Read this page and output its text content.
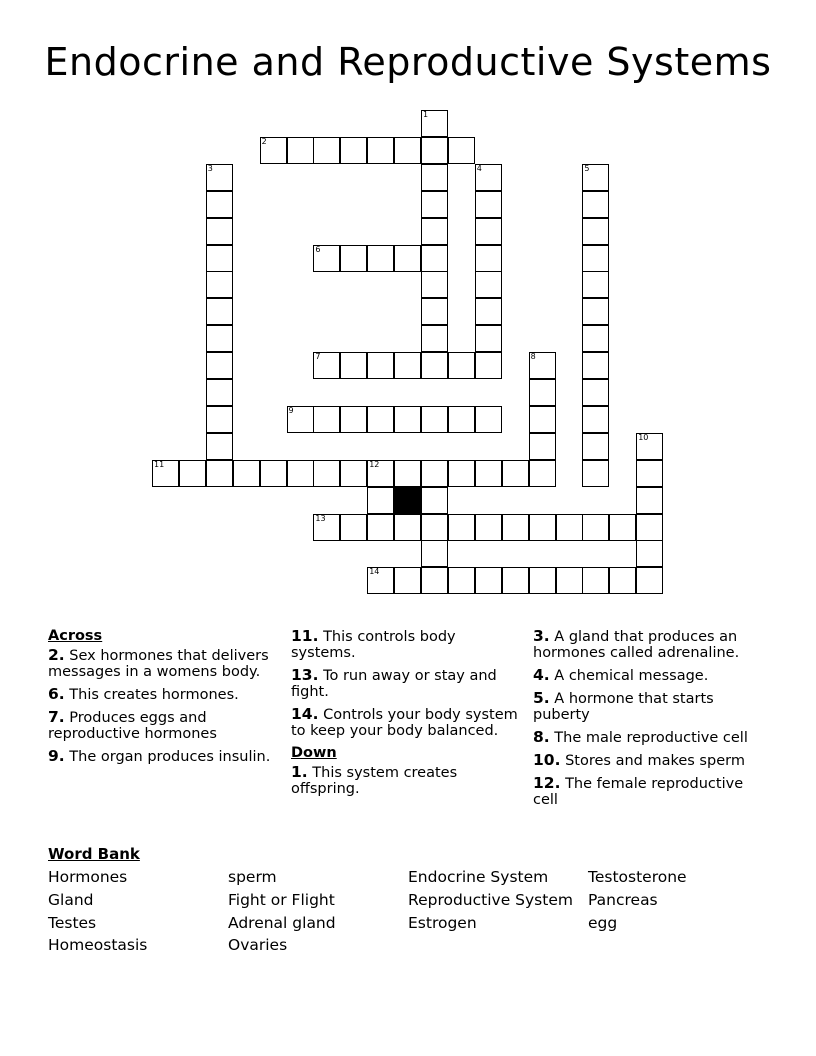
Endocrine and Reproductive Systems
1
2
3	4	5
6
7	8
9
10
11	12
13
14
Across
2. Sex hormones that delivers messages in a womens body.
6. This creates hormones.
7. Produces eggs and reproductive hormones
9. The organ produces insulin.
11. This controls body systems.
13. To run away or stay and fight.
14. Controls your body system to keep your body balanced.
Down
1. This system creates offspring.
3. A gland that produces an hormones called adrenaline.
4. A chemical message.
5. A hormone that starts puberty
8. The male reproductive cell
10. Stores and makes sperm
12. The female reproductive cell
Word Bank
Hormones
Gland
Testes
Homeostasis
sperm
Fight or Flight
Adrenal gland
Ovaries
Endocrine System
Reproductive System
Estrogen
Testosterone
Pancreas
egg
